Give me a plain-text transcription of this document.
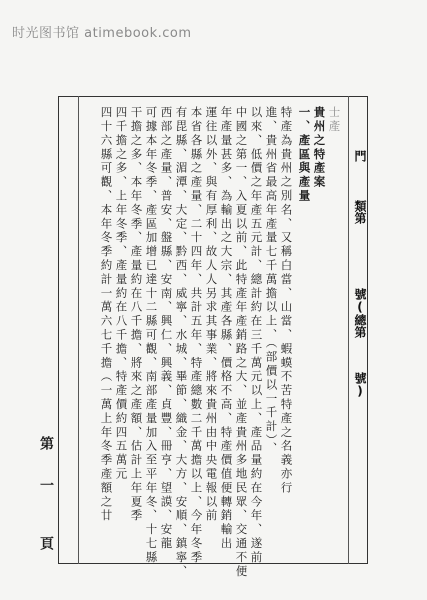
时光图书馆 atimebook.com
門
類第
號(總第
號)
第
一
頁
士產
貴州之特產案
一、產區與產量
特產為貴州之別名、又稱白當、山當、蝦蟆不苦特產之名義亦行
進、貴州省最高年產量七千萬擔以上、（部價以一千計）、
以來、低價之年產五元計、總計約在三千萬元以上、產品量約在今年、遂前
中國之第一、入夏以前、此特產年產銷路之大、並產貴州多地民眾、交通不便
年產量甚多、為輸出之大宗、其產各縣、價格不高、特產價值便轉銷輸出
運往以外、與有厚利、故人人另求其事業、將來貴州由中央電報以前
本省各縣之產量、二十四年、共計五年、特產總數二千萬擔以上、今年冬季
有毘縣、湄潭、大定、黔西、威寧、水城、畢節、織金、大方、安順、鎮寧、
西部之產量、普安、盤縣、安南、興仁、興義、貞豐、冊亨、望謨、安龍
可據本年冬季、產區加增已達十二縣可觀、南部產量加入至平年冬、十七縣
干擔之多、本年冬季、產量約在八千擔、將來之產額、估計上年夏季
四千擔之多、上年冬季、產量約在八千擔、特產價約四五萬元
四十六縣可觀、本年冬季約計一萬六七千擔（一萬上年冬季產額之廿
